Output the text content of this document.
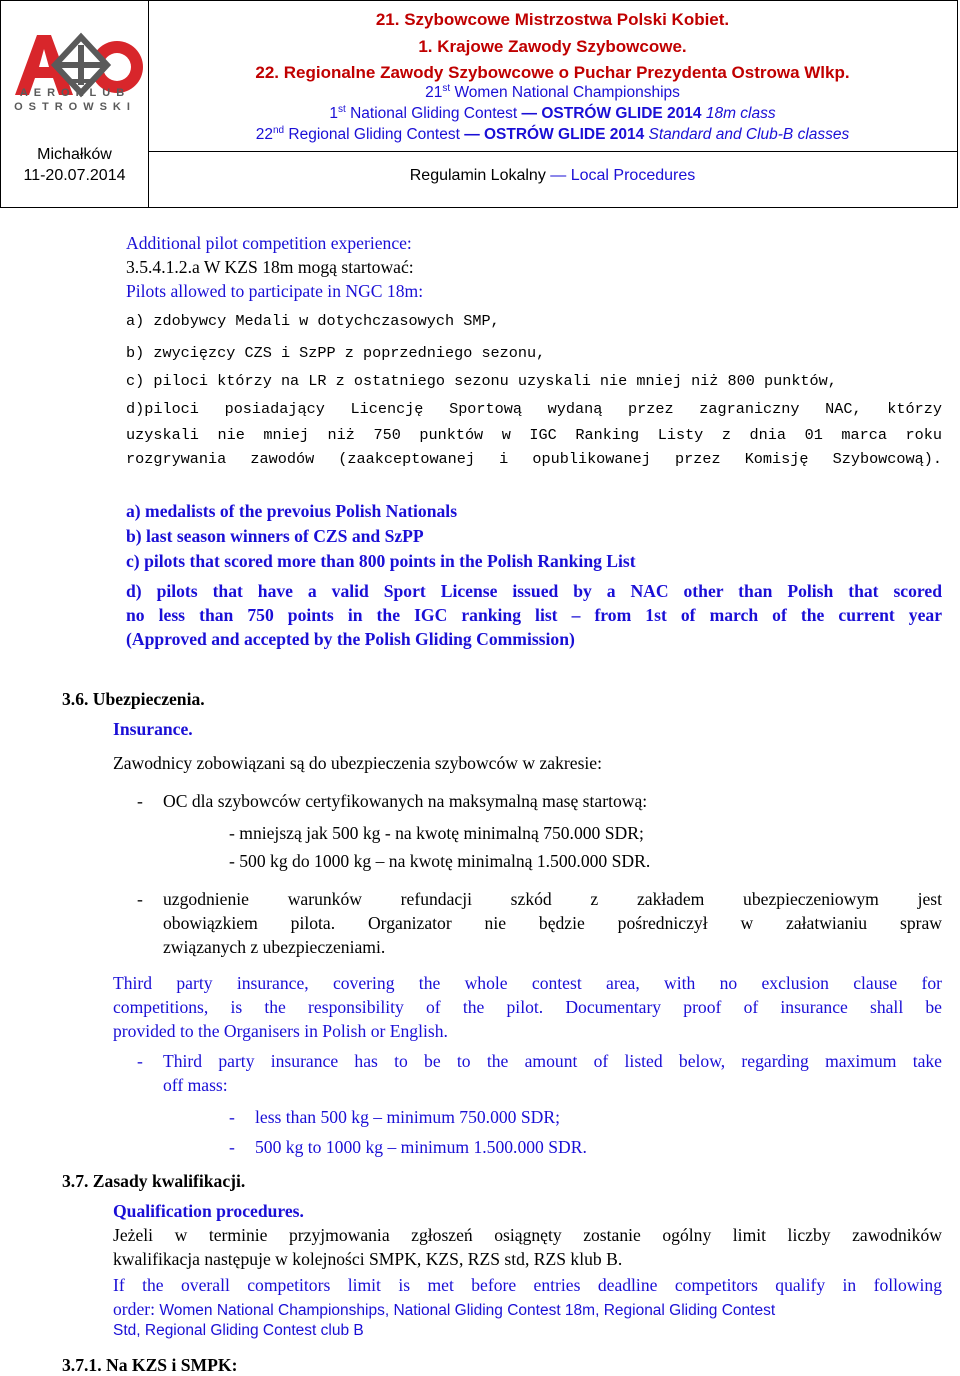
AEROKLUB
OSTROWSKI
Michałków
11-20.07.2014
21. Szybowcowe Mistrzostwa Polski Kobiet.
1. Krajowe Zawody Szybowcowe.
22. Regionalne Zawody Szybowcowe o Puchar Prezydenta Ostrowa Wlkp.
21st Women National Championships
1st National Gliding Contest — OSTRÓW GLIDE 2014 18m class
22nd Regional Gliding Contest — OSTRÓW GLIDE 2014 Standard and Club-B classes
Regulamin Lokalny — Local Procedures
Additional pilot competition experience:
3.5.4.1.2.a W KZS 18m mogą startować:
Pilots allowed to participate in NGC 18m:
a) zdobywcy Medali w dotychczasowych SMP,
b) zwycięzcy CZS i SzPP z poprzedniego sezonu,
c) piloci którzy na LR z ostatniego sezonu uzyskali nie mniej niż 800 punktów,
d)piloci posiadający Licencję Sportową wydaną przez zagraniczny NAC, którzy
uzyskali nie mniej niż 750 punktów w IGC Ranking Listy z dnia 01 marca roku
rozgrywania zawodów (zaakceptowanej i opublikowanej przez Komisję Szybowcową).
a) medalists of the prevoius Polish Nationals
b) last season winners of CZS and SzPP
c) pilots that scored more than 800 points in the Polish Ranking List
d) pilots that have a valid Sport License issued by a NAC other than Polish that scored
no less than 750 points in the IGC ranking list – from 1st of march of the current year
(Approved and accepted by the Polish Gliding Commission)
3.6. Ubezpieczenia.
Insurance.
Zawodnicy zobowiązani są do ubezpieczenia szybowców w zakresie:
- OC dla szybowców certyfikowanych na maksymalną masę startową:
- mniejszą jak 500 kg - na kwotę minimalną 750.000 SDR;
- 500 kg do 1000 kg – na kwotę minimalną 1.500.000 SDR.
- uzgodnienie warunków refundacji szkód z zakładem ubezpieczeniowym jest
obowiązkiem pilota. Organizator nie będzie pośredniczył w załatwianiu spraw
związanych z ubezpieczeniami.
Third party insurance, covering the whole contest area, with no exclusion clause for
competitions, is the responsibility of the pilot. Documentary proof of insurance shall be
provided to the Organisers in Polish or English.
- Third party insurance has to be to the amount of listed below, regarding maximum take
off mass:
- less than 500 kg – minimum 750.000 SDR;
- 500 kg to 1000 kg – minimum 1.500.000 SDR.
3.7. Zasady kwalifikacji.
Qualification procedures.
Jeżeli w terminie przyjmowania zgłoszeń osiągnęty zostanie ogólny limit liczby zawodników
kwalifikacja następuje w kolejności SMPK, KZS, RZS std, RZS klub B.
If the overall competitors limit is met before entries deadline competitors qualify in following
order: Women National Championships, National Gliding Contest 18m, Regional Gliding Contest
Std, Regional Gliding Contest club B
3.7.1. Na KZS i SMPK:
